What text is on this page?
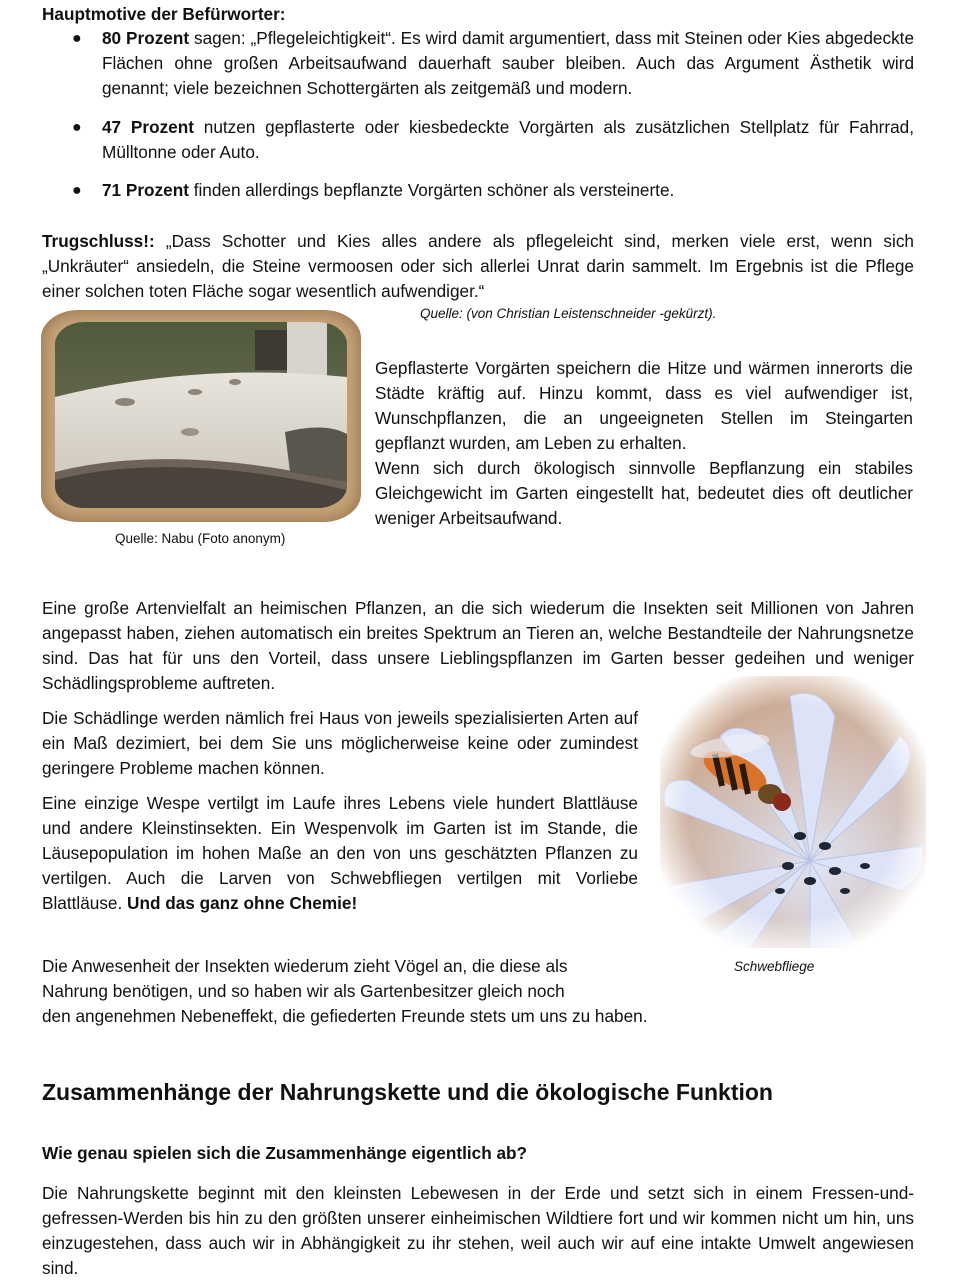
Hauptmotive der Befürworter:

● 80 Prozent sagen: „Pflegeleichtigkeit“. Es wird damit argumentiert, dass mit Steinen oder Kies abgedeckte Flächen ohne großen Arbeitsaufwand dauerhaft sauber bleiben. Auch das Argument Ästhetik wird genannt; viele bezeichnen Schottergärten als zeitgemäß und modern.
● 47 Prozent nutzen gepflasterte oder kiesbedeckte Vorgärten als zusätzlichen Stellplatz für Fahrrad, Mülltonne oder Auto.
● 71 Prozent finden allerdings bepflanzte Vorgärten schöner als versteinerte.

Trugschluss!: „Dass Schotter und Kies alles andere als pflegeleicht sind, merken viele erst, wenn sich „Unkräuter“ ansiedeln, die Steine vermoosen oder sich allerlei Unrat darin sammelt. Im Ergebnis ist die Pflege einer solchen toten Fläche sogar wesentlich aufwendiger.“

Quelle: (von Christian Leistenschneider -gekürzt).

Quelle: Nabu (Foto anonym)

Gepflasterte Vorgärten speichern die Hitze und wärmen innerorts die Städte kräftig auf. Hinzu kommt, dass es viel aufwendiger ist, Wunschpflanzen, die an ungeeigneten Stellen im Steingarten gepflanzt wurden, am Leben zu erhalten.

Wenn sich durch ökologisch sinnvolle Bepflanzung ein stabiles Gleichgewicht im Garten eingestellt hat, bedeutet dies oft deutlicher weniger Arbeitsaufwand.

Eine große Artenvielfalt an heimischen Pflanzen, an die sich wiederum die Insekten seit Millionen von Jahren angepasst haben, ziehen automatisch ein breites Spektrum an Tieren an, welche Bestandteile der Nahrungsnetze sind. Das hat für uns den Vorteil, dass unsere Lieblingspflanzen im Garten besser gedeihen und weniger Schädlingsprobleme auftreten.

Die Schädlinge werden nämlich frei Haus von jeweils spezialisierten Arten auf ein Maß dezimiert, bei dem Sie uns möglicherweise keine oder zumindest geringere Probleme machen können.

Eine einzige Wespe vertilgt im Laufe ihres Lebens viele hundert Blattläuse und andere Kleinstinsekten. Ein Wespenvolk im Garten ist im Stande, die Läusepopulation im hohen Maße an den von uns geschätzten Pflanzen zu vertilgen. Auch die Larven von Schwebfliegen vertilgen mit Vorliebe Blattläuse. Und das ganz ohne Chemie!

Schwebfliege

Die Anwesenheit der Insekten wiederum zieht Vögel an, die diese als

Nahrung benötigen, und so haben wir als Gartenbesitzer gleich noch

den angenehmen Nebeneffekt, die gefiederten Freunde stets um uns zu haben.

Zusammenhänge der Nahrungskette und die ökologische Funktion

Wie genau spielen sich die Zusammenhänge eigentlich ab?

Die Nahrungskette beginnt mit den kleinsten Lebewesen in der Erde und setzt sich in einem Fressen-und-gefressen-Werden bis hin zu den größten unserer einheimischen Wildtiere fort und wir kommen nicht um hin, uns einzugestehen, dass auch wir in Abhängigkeit zu ihr stehen, weil auch wir auf eine intakte Umwelt angewiesen sind.
